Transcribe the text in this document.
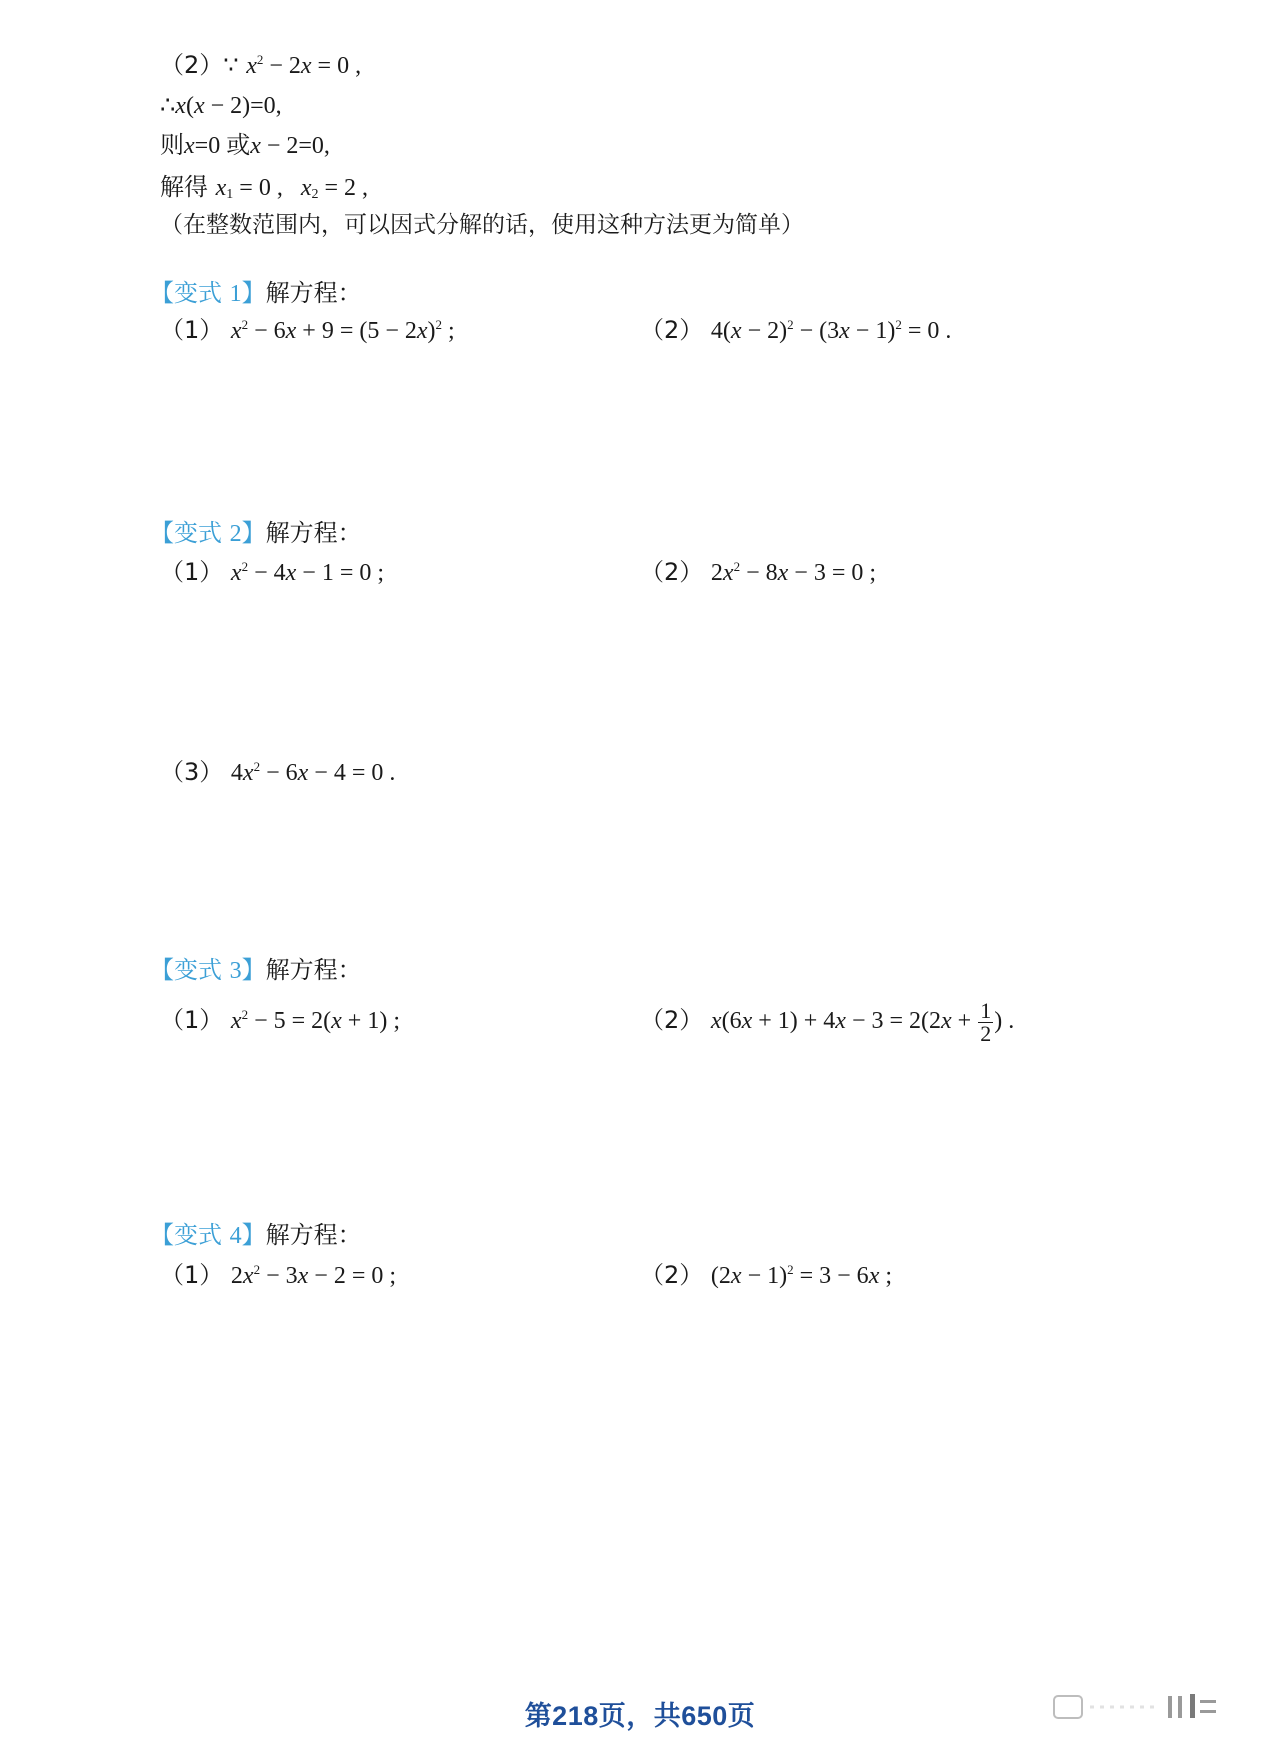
（2）∵ $x^2 - 2x = 0$ ,
∴x(x − 2)=0,
则x=0 或x − 2=0,
解得 $x_1 = 0$ ,   $x_2 = 2$ ,
（在整数范围内，可以因式分解的话，使用这种方法更为简单）
【变式 1】解方程：
（1） $x^2 - 6x + 9 = (5 - 2x)^2$ ;	（2） $4(x - 2)^2 - (3x - 1)^2 = 0$ .
【变式 2】解方程：
（1） $x^2 - 4x - 1 = 0$ ;	（2） $2x^2 - 8x - 3 = 0$ ;
（3） $4x^2 - 6x - 4 = 0$ .
【变式 3】解方程：
（1） $x^2 - 5 = 2(x + 1)$ ;	（2） $x(6x + 1) + 4x - 3 = 2(2x + \frac{1}{2}$ ) .
【变式 4】解方程：
（1） $2x^2 - 3x - 2 = 0$ ;	（2） $(2x - 1)^2 = 3 - 6x$ ;
第218页，共650页
